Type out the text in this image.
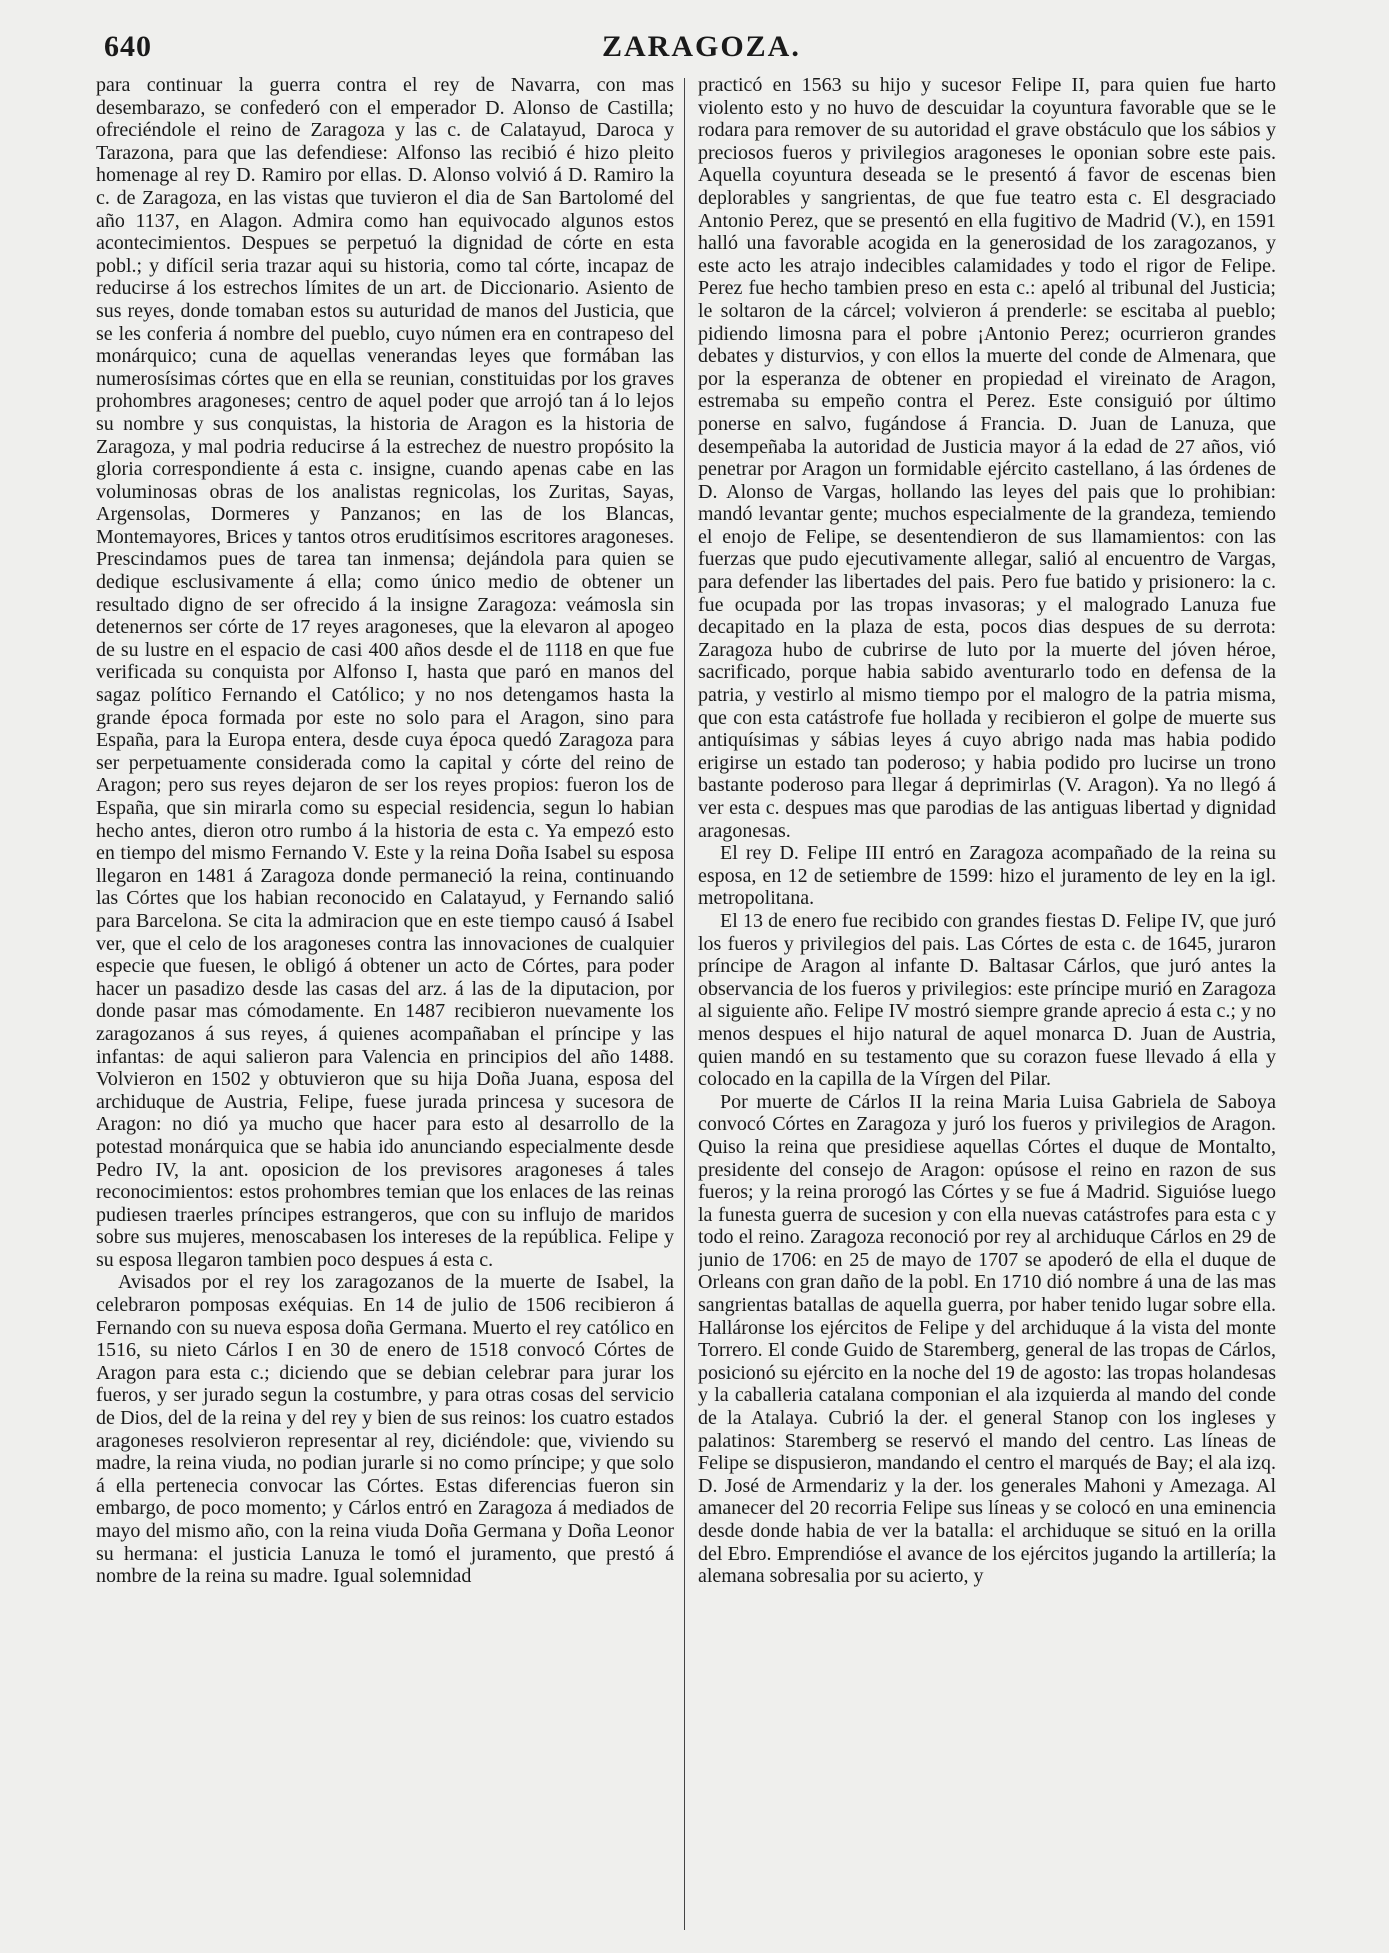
640	ZARAGOZA.

para continuar la guerra contra el rey de Navarra, con mas desembarazo, se confederó con el emperador D. Alonso de Castilla; ofreciéndole el reino de Zaragoza y las c. de Calatayud, Daroca y Tarazona, para que las defendiese: Alfonso las recibió é hizo pleito homenage al rey D. Ramiro por ellas. D. Alonso volvió á D. Ramiro la c. de Zaragoza, en las vistas que tuvieron el dia de San Bartolomé del año 1137, en Alagon. Admira como han equivocado algunos estos acontecimientos. Despues se perpetuó la dignidad de córte en esta pobl.; y difícil seria trazar aqui su historia, como tal córte, incapaz de reducirse á los estrechos límites de un art. de Diccionario. Asiento de sus reyes, donde tomaban estos su auturidad de manos del Justicia, que se les conferia á nombre del pueblo, cuyo númen era en contrapeso del monárquico; cuna de aquellas venerandas leyes que formában las numerosísimas córtes que en ella se reunian, constituidas por los graves prohombres aragoneses; centro de aquel poder que arrojó tan á lo lejos su nombre y sus conquistas, la historia de Aragon es la historia de Zaragoza, y mal podria reducirse á la estrechez de nuestro propósito la gloria correspondiente á esta c. insigne, cuando apenas cabe en las voluminosas obras de los analistas regnicolas, los Zuritas, Sayas, Argensolas, Dormeres y Panzanos; en las de los Blancas, Montemayores, Brices y tantos otros eruditísimos escritores aragoneses. Prescindamos pues de tarea tan inmensa; dejándola para quien se dedique esclusivamente á ella; como único medio de obtener un resultado digno de ser ofrecido á la insigne Zaragoza: veámosla sin detenernos ser córte de 17 reyes aragoneses, que la elevaron al apogeo de su lustre en el espacio de casi 400 años desde el de 1118 en que fue verificada su conquista por Alfonso I, hasta que paró en manos del sagaz político Fernando el Católico; y no nos detengamos hasta la grande época formada por este no solo para el Aragon, sino para España, para la Europa entera, desde cuya época quedó Zaragoza para ser perpetuamente considerada como la capital y córte del reino de Aragon; pero sus reyes dejaron de ser los reyes propios: fueron los de España, que sin mirarla como su especial residencia, segun lo habian hecho antes, dieron otro rumbo á la historia de esta c. Ya empezó esto en tiempo del mismo Fernando V. Este y la reina Doña Isabel su esposa llegaron en 1481 á Zaragoza donde permaneció la reina, continuando las Córtes que los habian reconocido en Calatayud, y Fernando salió para Barcelona. Se cita la admiracion que en este tiempo causó á Isabel ver, que el celo de los aragoneses contra las innovaciones de cualquier especie que fuesen, le obligó á obtener un acto de Córtes, para poder hacer un pasadizo desde las casas del arz. á las de la diputacion, por donde pasar mas cómodamente. En 1487 recibieron nuevamente los zaragozanos á sus reyes, á quienes acompañaban el príncipe y las infantas: de aqui salieron para Valencia en principios del año 1488. Volvieron en 1502 y obtuvieron que su hija Doña Juana, esposa del archiduque de Austria, Felipe, fuese jurada princesa y sucesora de Aragon: no dió ya mucho que hacer para esto al desarrollo de la potestad monárquica que se habia ido anunciando especialmente desde Pedro IV, la ant. oposicion de los previsores aragoneses á tales reconocimientos: estos prohombres temian que los enlaces de las reinas pudiesen traerles príncipes estrangeros, que con su influjo de maridos sobre sus mujeres, menoscabasen los intereses de la república. Felipe y su esposa llegaron tambien poco despues á esta c.

Avisados por el rey los zaragozanos de la muerte de Isabel, la celebraron pomposas exéquias. En 14 de julio de 1506 recibieron á Fernando con su nueva esposa doña Germana. Muerto el rey católico en 1516, su nieto Cárlos I en 30 de enero de 1518 convocó Córtes de Aragon para esta c.; diciendo que se debian celebrar para jurar los fueros, y ser jurado segun la costumbre, y para otras cosas del servicio de Dios, del de la reina y del rey y bien de sus reinos: los cuatro estados aragoneses resolvieron representar al rey, diciéndole: que, viviendo su madre, la reina viuda, no podian jurarle si no como príncipe; y que solo á ella pertenecia convocar las Córtes. Estas diferencias fueron sin embargo, de poco momento; y Cárlos entró en Zaragoza á mediados de mayo del mismo año, con la reina viuda Doña Germana y Doña Leonor su hermana: el justicia Lanuza le tomó el juramento, que prestó á nombre de la reina su madre. Igual solemnidad

practicó en 1563 su hijo y sucesor Felipe II, para quien fue harto violento esto y no huvo de descuidar la coyuntura favorable que se le rodara para remover de su autoridad el grave obstáculo que los sábios y preciosos fueros y privilegios aragoneses le oponian sobre este pais. Aquella coyuntura deseada se le presentó á favor de escenas bien deplorables y sangrientas, de que fue teatro esta c. El desgraciado Antonio Perez, que se presentó en ella fugitivo de Madrid (V.), en 1591 halló una favorable acogida en la generosidad de los zaragozanos, y este acto les atrajo indecibles calamidades y todo el rigor de Felipe. Perez fue hecho tambien preso en esta c.: apeló al tribunal del Justicia; le soltaron de la cárcel; volvieron á prenderle: se escitaba al pueblo; pidiendo limosna para el pobre ¡Antonio Perez; ocurrieron grandes debates y disturvios, y con ellos la muerte del conde de Almenara, que por la esperanza de obtener en propiedad el vireinato de Aragon, estremaba su empeño contra el Perez. Este consiguió por último ponerse en salvo, fugándose á Francia. D. Juan de Lanuza, que desempeñaba la autoridad de Justicia mayor á la edad de 27 años, vió penetrar por Aragon un formidable ejército castellano, á las órdenes de D. Alonso de Vargas, hollando las leyes del pais que lo prohibian: mandó levantar gente; muchos especialmente de la grandeza, temiendo el enojo de Felipe, se desentendieron de sus llamamientos: con las fuerzas que pudo ejecutivamente allegar, salió al encuentro de Vargas, para defender las libertades del pais. Pero fue batido y prisionero: la c. fue ocupada por las tropas invasoras; y el malogrado Lanuza fue decapitado en la plaza de esta, pocos dias despues de su derrota: Zaragoza hubo de cubrirse de luto por la muerte del jóven héroe, sacrificado, porque habia sabido aventurarlo todo en defensa de la patria, y vestirlo al mismo tiempo por el malogro de la patria misma, que con esta catástrofe fue hollada y recibieron el golpe de muerte sus antiquísimas y sábias leyes á cuyo abrigo nada mas habia podido erigirse un estado tan poderoso; y habia podido pro lucirse un trono bastante poderoso para llegar á deprimirlas (V. Aragon). Ya no llegó á ver esta c. despues mas que parodias de las antiguas libertad y dignidad aragonesas.

El rey D. Felipe III entró en Zaragoza acompañado de la reina su esposa, en 12 de setiembre de 1599: hizo el juramento de ley en la igl. metropolitana.

El 13 de enero fue recibido con grandes fiestas D. Felipe IV, que juró los fueros y privilegios del pais. Las Córtes de esta c. de 1645, juraron príncipe de Aragon al infante D. Baltasar Cárlos, que juró antes la observancia de los fueros y privilegios: este príncipe murió en Zaragoza al siguiente año. Felipe IV mostró siempre grande aprecio á esta c.; y no menos despues el hijo natural de aquel monarca D. Juan de Austria, quien mandó en su testamento que su corazon fuese llevado á ella y colocado en la capilla de la Vírgen del Pilar.

Por muerte de Cárlos II la reina Maria Luisa Gabriela de Saboya convocó Córtes en Zaragoza y juró los fueros y privilegios de Aragon. Quiso la reina que presidiese aquellas Córtes el duque de Montalto, presidente del consejo de Aragon: opúsose el reino en razon de sus fueros; y la reina prorogó las Córtes y se fue á Madrid. Siguióse luego la funesta guerra de sucesion y con ella nuevas catástrofes para esta c y todo el reino. Zaragoza reconoció por rey al archiduque Cárlos en 29 de junio de 1706: en 25 de mayo de 1707 se apoderó de ella el duque de Orleans con gran daño de la pobl. En 1710 dió nombre á una de las mas sangrientas batallas de aquella guerra, por haber tenido lugar sobre ella. Halláronse los ejércitos de Felipe y del archiduque á la vista del monte Torrero. El conde Guido de Staremberg, general de las tropas de Cárlos, posicionó su ejército en la noche del 19 de agosto: las tropas holandesas y la caballeria catalana componian el ala izquierda al mando del conde de la Atalaya. Cubrió la der. el general Stanop con los ingleses y palatinos: Staremberg se reservó el mando del centro. Las líneas de Felipe se dispusieron, mandando el centro el marqués de Bay; el ala izq. D. José de Armendariz y la der. los generales Mahoni y Amezaga. Al amanecer del 20 recorria Felipe sus líneas y se colocó en una eminencia desde donde habia de ver la batalla: el archiduque se situó en la orilla del Ebro. Emprendióse el avance de los ejércitos jugando la artillería; la alemana sobresalia por su acierto, y
